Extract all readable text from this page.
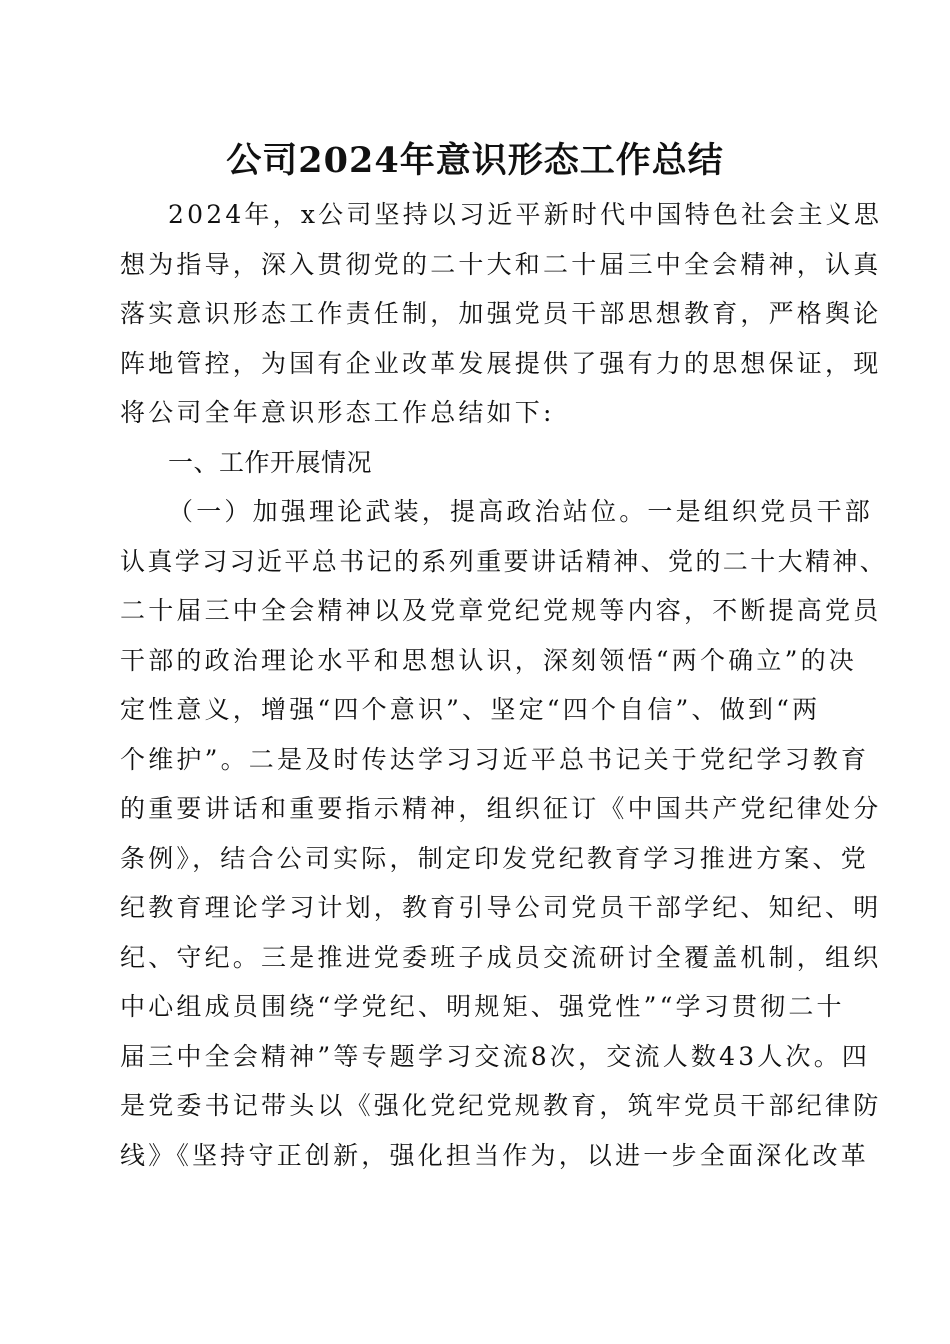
公司2024年意识形态工作总结
2024年，x公司坚持以习近平新时代中国特色社会主义思
想为指导，深入贯彻党的二十大和二十届三中全会精神，认真
落实意识形态工作责任制，加强党员干部思想教育，严格舆论
阵地管控，为国有企业改革发展提供了强有力的思想保证，现
将公司全年意识形态工作总结如下:
一、工作开展情况
（一）加强理论武装，提高政治站位。一是组织党员干部
认真学习习近平总书记的系列重要讲话精神、党的二十大精神、
二十届三中全会精神以及党章党纪党规等内容，不断提高党员
干部的政治理论水平和思想认识，深刻领悟“两个确立”的决
定性意义，增强“四个意识”、坚定“四个自信”、做到“两
个维护”。二是及时传达学习习近平总书记关于党纪学习教育
的重要讲话和重要指示精神，组织征订《中国共产党纪律处分
条例》，结合公司实际，制定印发党纪教育学习推进方案、党
纪教育理论学习计划，教育引导公司党员干部学纪、知纪、明
纪、守纪。三是推进党委班子成员交流研讨全覆盖机制，组织
中心组成员围绕“学党纪、明规矩、强党性”“学习贯彻二十
届三中全会精神”等专题学习交流8次，交流人数43人次。四
是党委书记带头以《强化党纪党规教育，筑牢党员干部纪律防
线》《坚持守正创新，强化担当作为，以进一步全面深化改革
